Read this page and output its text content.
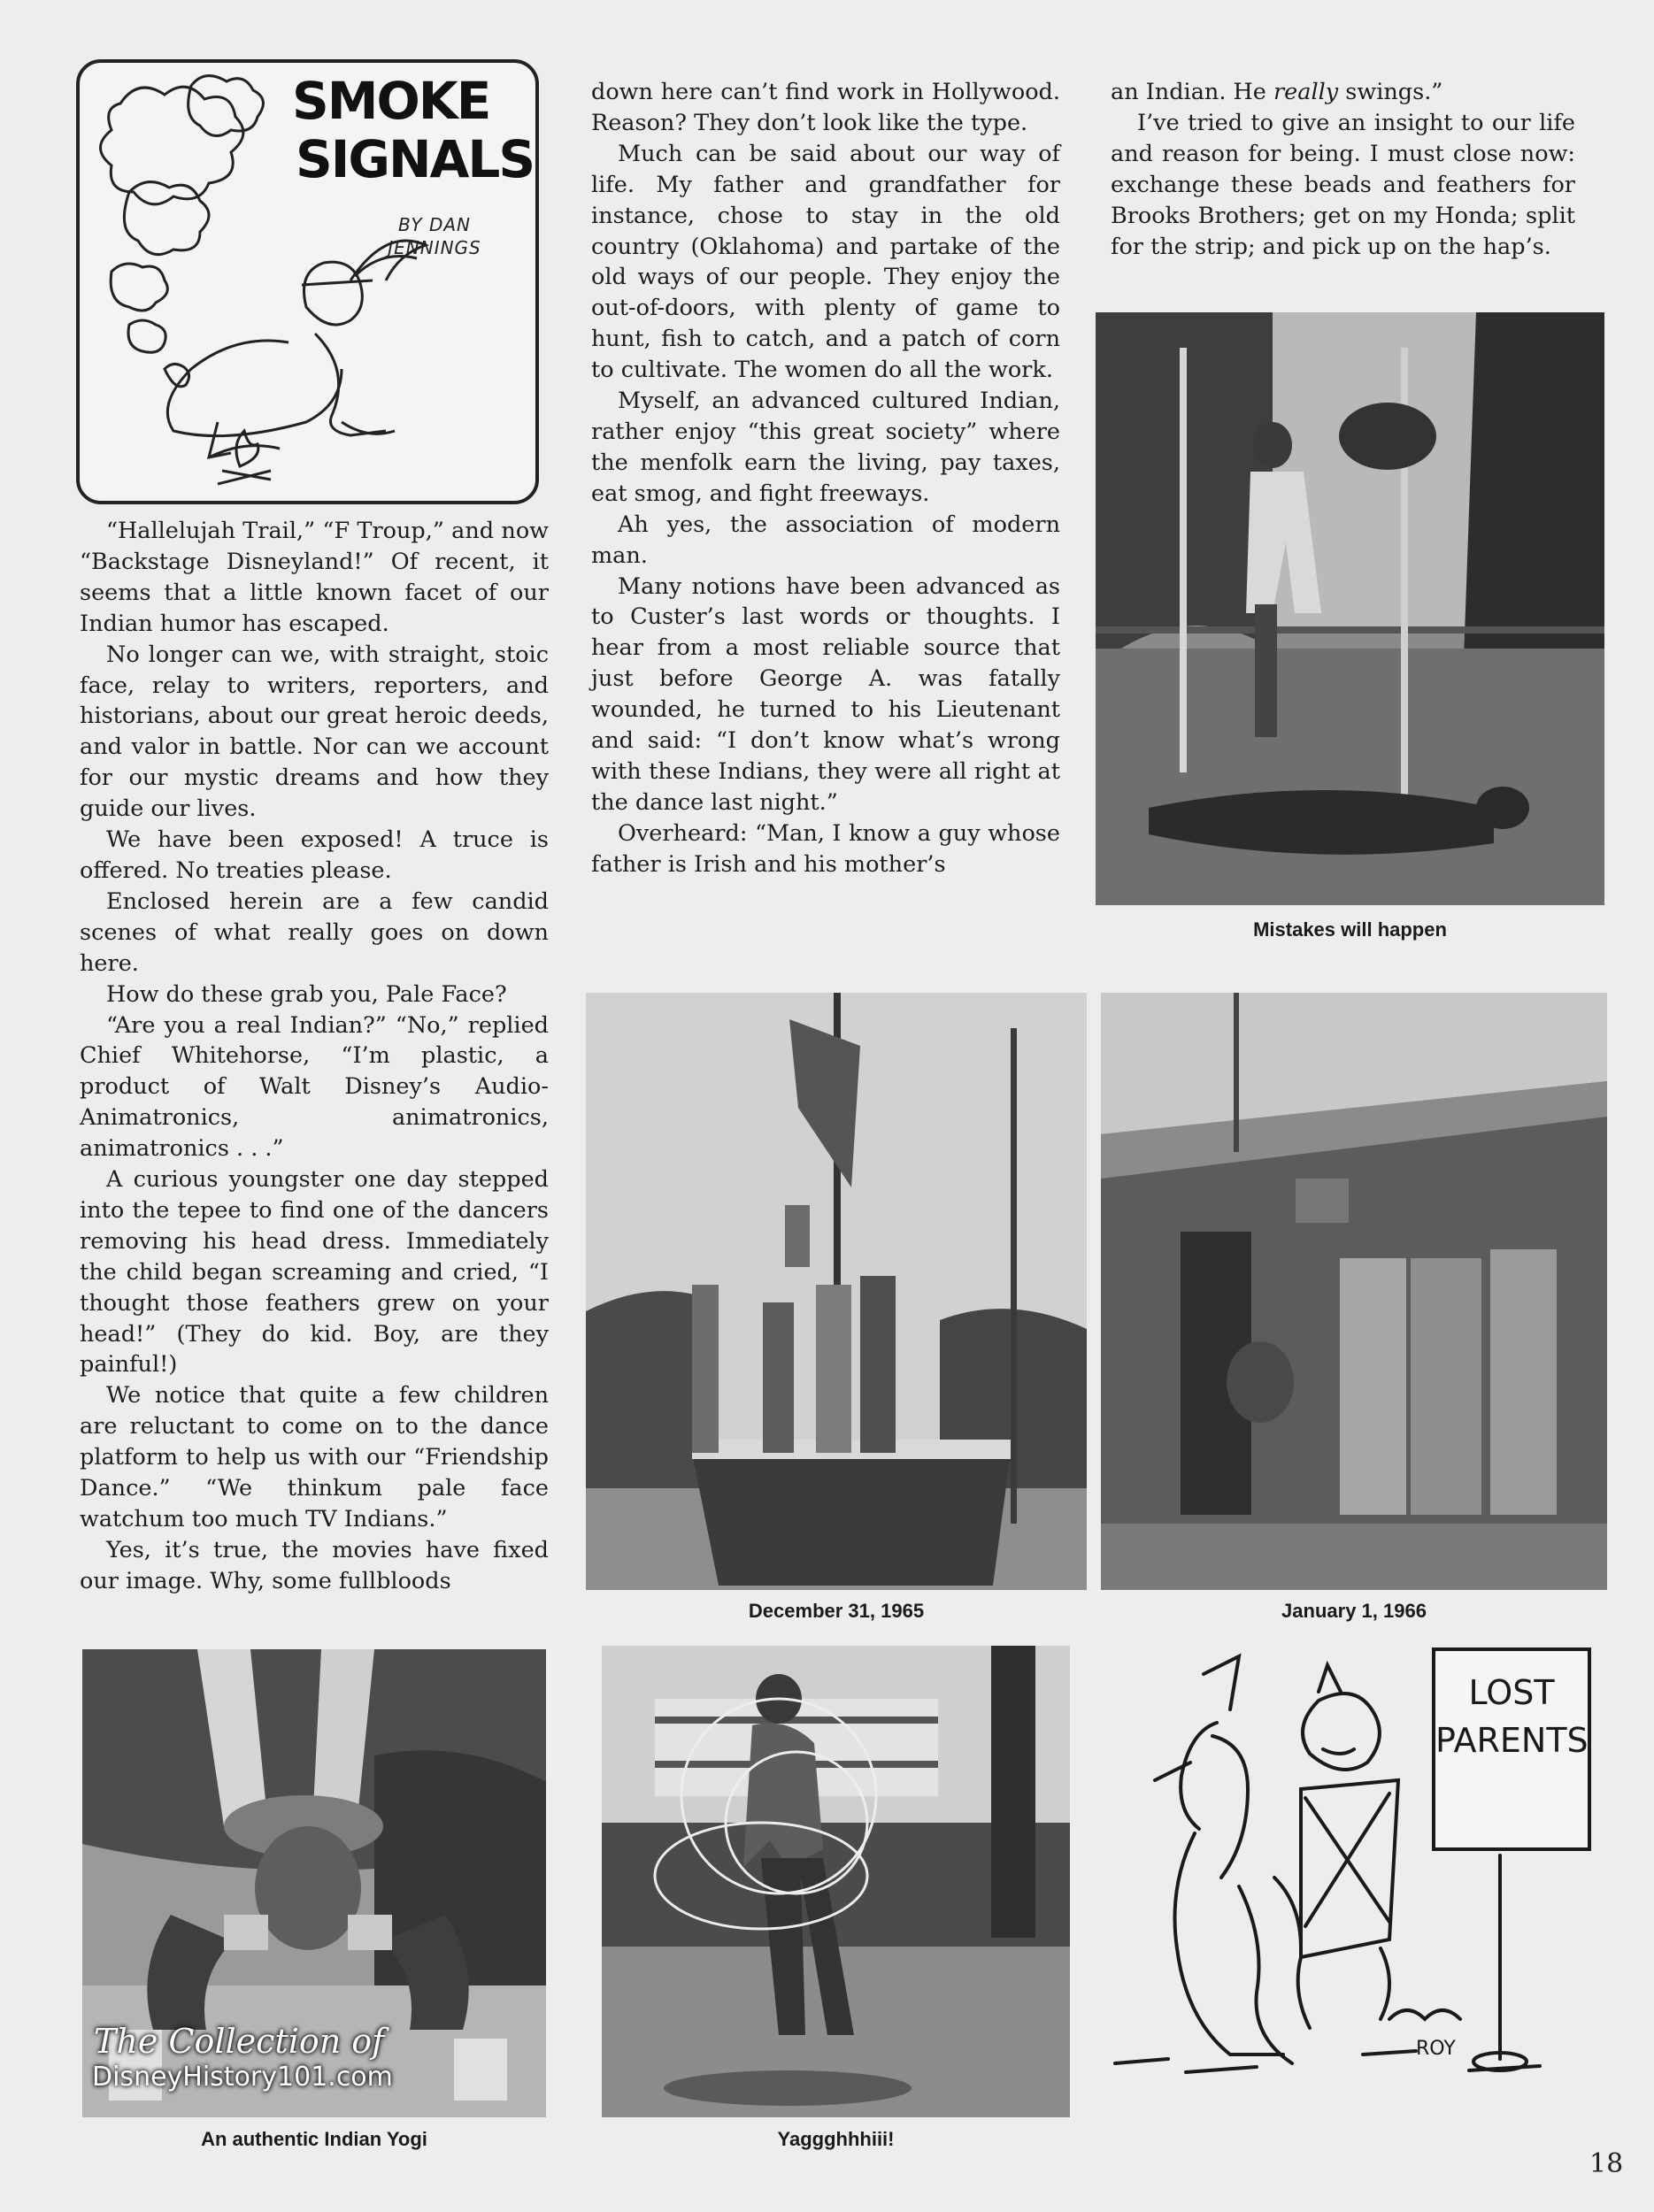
SMOKE
SIGNALS
BY DAN
JENNINGS

“Hallelujah Trail,” “F Troup,” and now “Backstage Disneyland!” Of recent, it seems that a little known facet of our Indian humor has escaped.

No longer can we, with straight, stoic face, relay to writers, reporters, and historians, about our great heroic deeds, and valor in battle. Nor can we account for our mystic dreams and how they guide our lives.

We have been exposed! A truce is offered. No treaties please.

Enclosed herein are a few candid scenes of what really goes on down here.

How do these grab you, Pale Face?

“Are you a real Indian?” “No,” replied Chief Whitehorse, “I’m plastic, a product of Walt Disney’s Audio-Animatronics, animatronics, animatronics . . .”

A curious youngster one day stepped into the tepee to find one of the dancers removing his head dress. Immediately the child began screaming and cried, “I thought those feathers grew on your head!” (They do kid. Boy, are they painful!)

We notice that quite a few children are reluctant to come on to the dance platform to help us with our “Friendship Dance.” “We thinkum pale face watchum too much TV Indians.”

Yes, it’s true, the movies have fixed our image. Why, some fullbloods

down here can’t find work in Hollywood. Reason? They don’t look like the type.

Much can be said about our way of life. My father and grandfather for instance, chose to stay in the old country (Oklahoma) and partake of the old ways of our people. They enjoy the out-of-doors, with plenty of game to hunt, fish to catch, and a patch of corn to cultivate. The women do all the work.

Myself, an advanced cultured Indian, rather enjoy “this great society” where the menfolk earn the living, pay taxes, eat smog, and fight freeways.

Ah yes, the association of modern man.

Many notions have been advanced as to Custer’s last words or thoughts. I hear from a most reliable source that just before George A. was fatally wounded, he turned to his Lieutenant and said: “I don’t know what’s wrong with these Indians, they were all right at the dance last night.”

Overheard: “Man, I know a guy whose father is Irish and his mother’s

an Indian. He really swings.”

I’ve tried to give an insight to our life and reason for being. I must close now: exchange these beads and feathers for Brooks Brothers; get on my Honda; split for the strip; and pick up on the hap’s.

Mistakes will happen
December 31, 1965	January 1, 1966
The Collection of
DisneyHistory101.com
An authentic Indian Yogi	Yaggghhhiii!
ROY
LOST
PARENTS
18
